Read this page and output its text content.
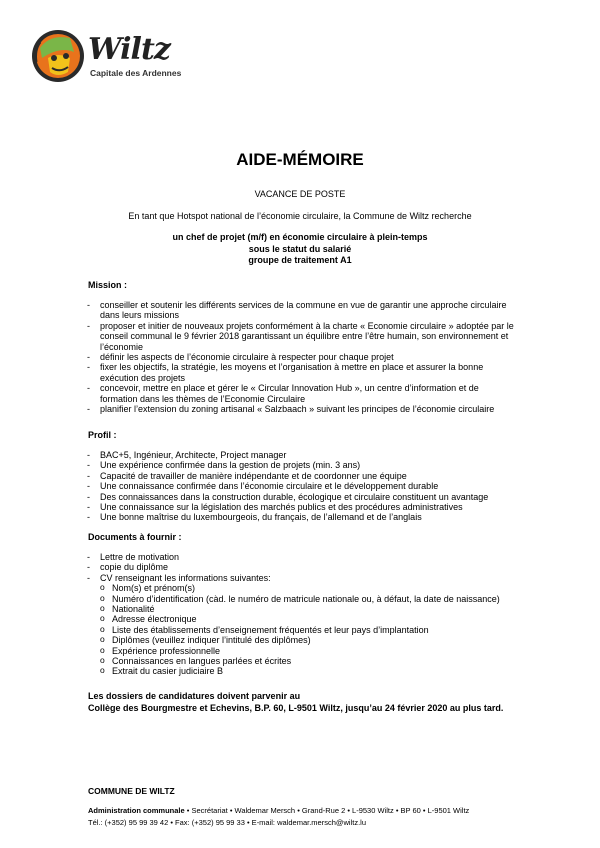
Wiltz
Capitale des Ardennes
AIDE-MÉMOIRE
VACANCE DE POSTE
En tant que Hotspot national de l’économie circulaire, la Commune de Wiltz recherche
un chef de projet (m/f) en économie circulaire à plein-temps
sous le statut du salarié
groupe de traitement A1
Mission :
- conseiller et soutenir les différents services de la commune en vue de garantir une approche circulaire dans leurs missions
- proposer et initier de nouveaux projets conformément à la charte « Economie circulaire » adoptée par le conseil communal le 9 février 2018 garantissant un équilibre entre l’être humain, son environnement et l’économie
- définir les aspects de l’économie circulaire à respecter pour chaque projet
- fixer les objectifs, la stratégie, les moyens et l’organisation à mettre en place et assurer la bonne exécution des projets
- concevoir, mettre en place et gérer le « Circular Innovation Hub », un centre d’information et de formation dans les thèmes de l’Economie Circulaire
- planifier l’extension du zoning artisanal « Salzbaach » suivant les principes de l’économie circulaire
Profil :
- BAC+5, Ingénieur, Architecte, Project manager
- Une expérience confirmée dans la gestion de projets (min. 3 ans)
- Capacité de travailler de manière indépendante et de coordonner une équipe
- Une connaissance confirmée dans l’économie circulaire et le développement durable
- Des connaissances dans la construction durable, écologique et circulaire constituent un avantage
- Une connaissance sur la législation des marchés publics et des procédures administratives
- Une bonne maîtrise du luxembourgeois, du français, de l’allemand et de l’anglais
Documents à fournir :
- Lettre de motivation
- copie du diplôme
- CV renseignant les informations suivantes:
o Nom(s) et prénom(s)
o Numéro d’identification (càd. le numéro de matricule nationale ou, à défaut, la date de naissance)
o Nationalité
o Adresse électronique
o Liste des établissements d’enseignement fréquentés et leur pays d’implantation
o Diplômes (veuillez indiquer l’intitulé des diplômes)
o Expérience professionnelle
o Connaissances en langues parlées et écrites
o Extrait du casier judiciaire B
Les dossiers de candidatures doivent parvenir au
Collège des Bourgmestre et Echevins, B.P. 60, L-9501 Wiltz, jusqu’au 24 février 2020 au plus tard.
COMMUNE DE WILTZ
Administration communale • Secrétariat • Waldemar Mersch • Grand-Rue 2 • L-9530 Wiltz • BP 60 • L-9501 Wiltz
Tél.: (+352) 95 99 39 42 • Fax: (+352) 95 99 33 • E-mail: waldemar.mersch@wiltz.lu
